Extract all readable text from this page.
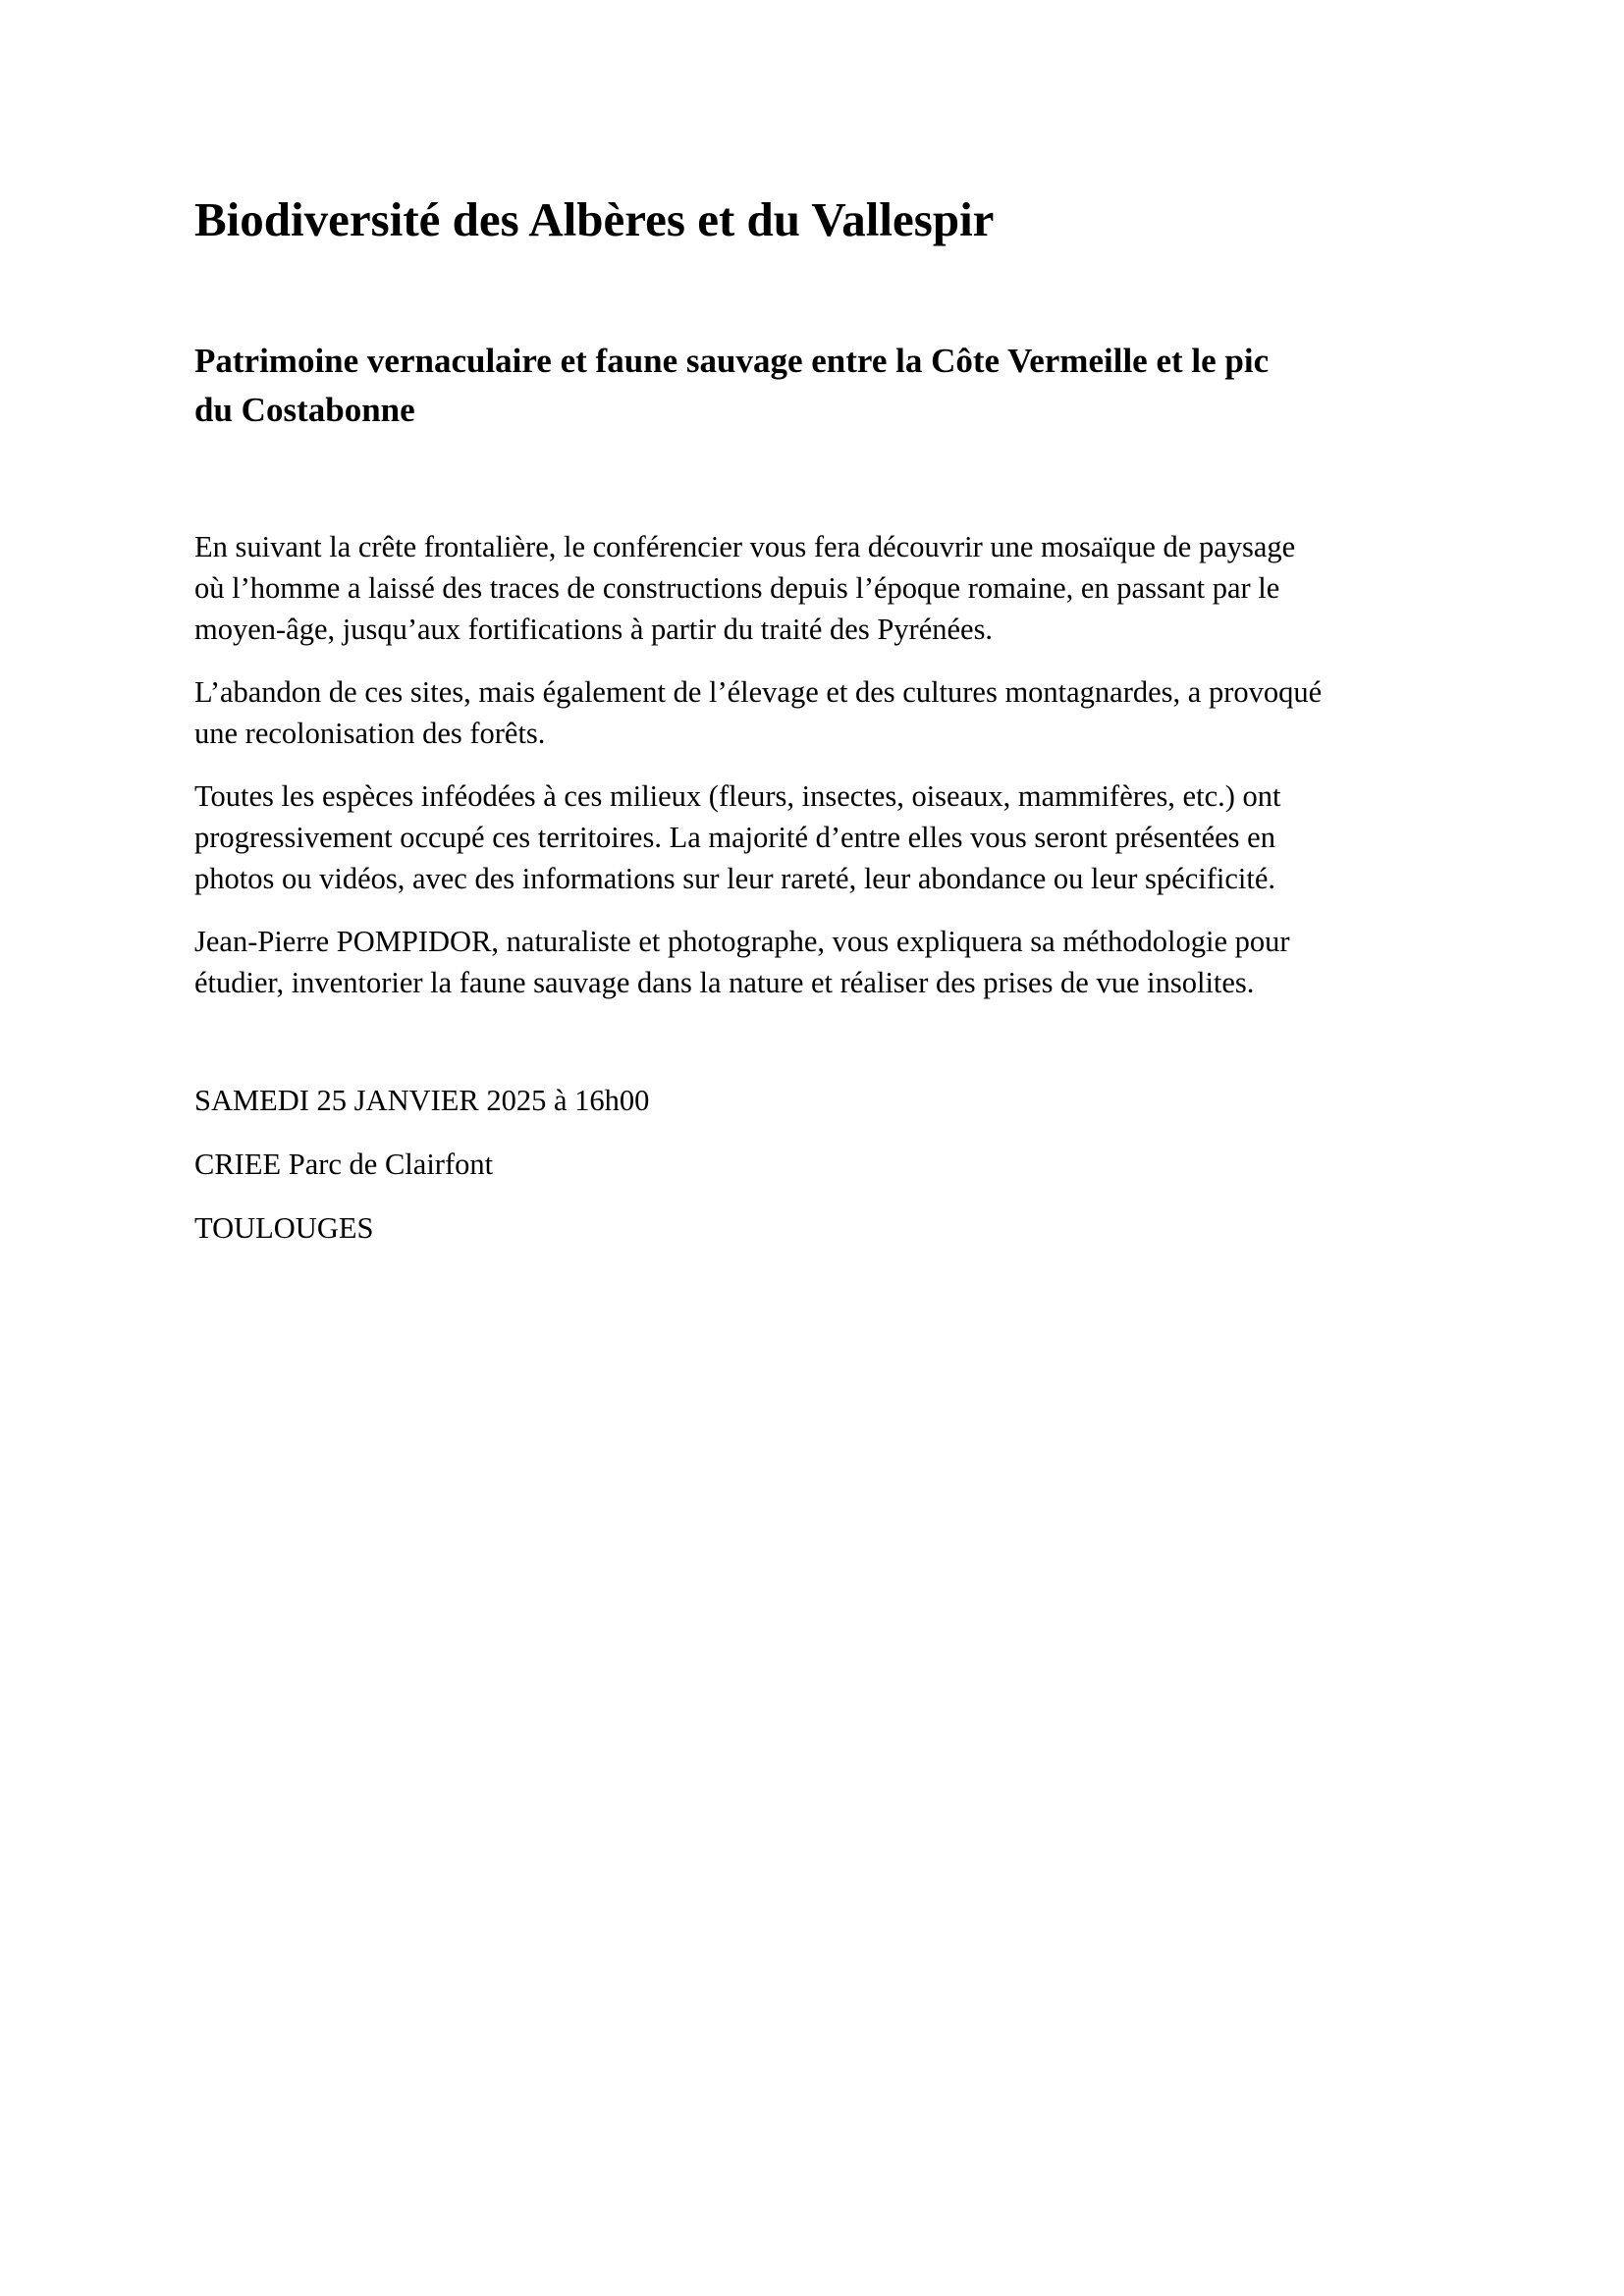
Biodiversité des Albères et du Vallespir
Patrimoine vernaculaire et faune sauvage entre la Côte Vermeille et le pic
du Costabonne

En suivant la crête frontalière, le conférencier vous fera découvrir une mosaïque de paysage
où l’homme a laissé des traces de constructions depuis l’époque romaine, en passant par le
moyen-âge, jusqu’aux fortifications à partir du traité des Pyrénées.

L’abandon de ces sites, mais également de l’élevage et des cultures montagnardes, a provoqué
une recolonisation des forêts.

Toutes les espèces inféodées à ces milieux (fleurs, insectes, oiseaux, mammifères, etc.) ont
progressivement occupé ces territoires. La majorité d’entre elles vous seront présentées en
photos ou vidéos, avec des informations sur leur rareté, leur abondance ou leur spécificité.

Jean-Pierre POMPIDOR, naturaliste et photographe, vous expliquera sa méthodologie pour
étudier, inventorier la faune sauvage dans la nature et réaliser des prises de vue insolites.

SAMEDI 25 JANVIER 2025 à 16h00
CRIEE Parc de Clairfont
TOULOUGES
